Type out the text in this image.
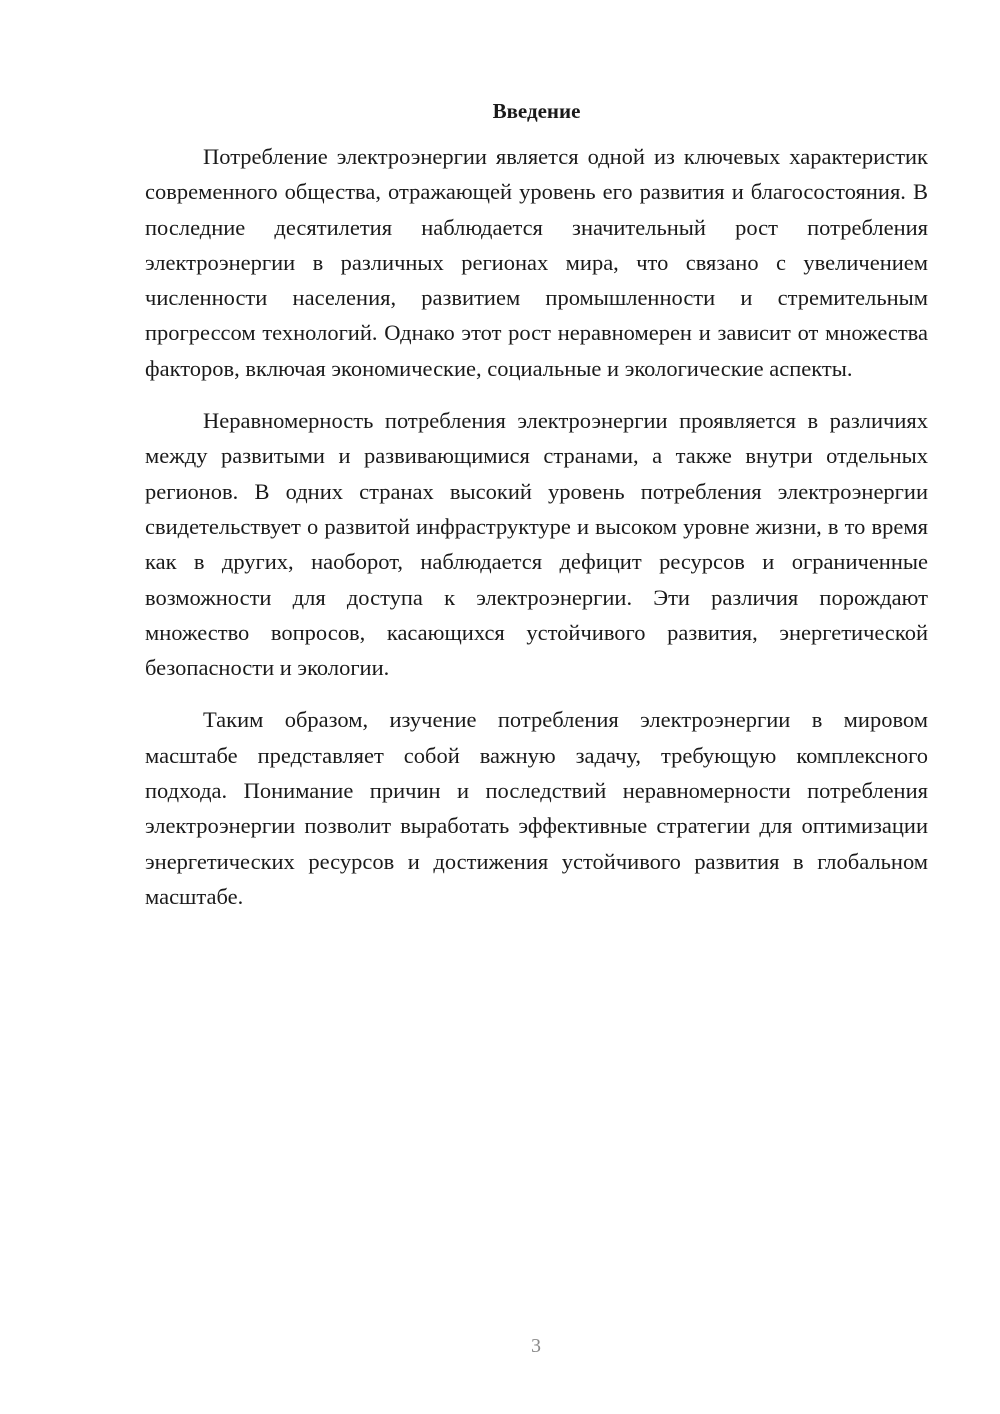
Введение

Потребление электроэнергии является одной из ключевых характеристик современного общества, отражающей уровень его развития и благосостояния. В последние десятилетия наблюдается значительный рост потребления электроэнергии в различных регионах мира, что связано с увеличением численности населения, развитием промышленности и стремительным прогрессом технологий. Однако этот рост неравномерен и зависит от множества факторов, включая экономические, социальные и экологические аспекты.

Неравномерность потребления электроэнергии проявляется в различиях между развитыми и развивающимися странами, а также внутри отдельных регионов. В одних странах высокий уровень потребления электроэнергии свидетельствует о развитой инфраструктуре и высоком уровне жизни, в то время как в других, наоборот, наблюдается дефицит ресурсов и ограниченные возможности для доступа к электроэнергии. Эти различия порождают множество вопросов, касающихся устойчивого развития, энергетической безопасности и экологии.

Таким образом, изучение потребления электроэнергии в мировом масштабе представляет собой важную задачу, требующую комплексного подхода. Понимание причин и последствий неравномерности потребления электроэнергии позволит выработать эффективные стратегии для оптимизации энергетических ресурсов и достижения устойчивого развития в глобальном масштабе.

3
